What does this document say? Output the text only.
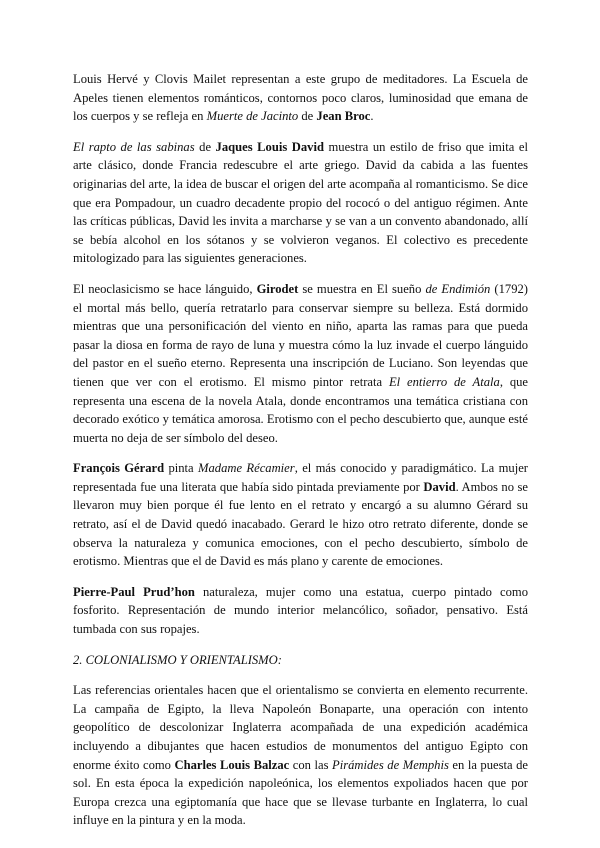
Louis Hervé y Clovis Mailet representan a este grupo de meditadores. La Escuela de Apeles tienen elementos románticos, contornos poco claros, luminosidad que emana de los cuerpos y se refleja en Muerte de Jacinto de Jean Broc.

El rapto de las sabinas de Jaques Louis David muestra un estilo de friso que imita el arte clásico, donde Francia redescubre el arte griego. David da cabida a las fuentes originarias del arte, la idea de buscar el origen del arte acompaña al romanticismo. Se dice que era Pompadour, un cuadro decadente propio del rococó o del antiguo régimen. Ante las críticas públicas, David les invita a marcharse y se van a un convento abandonado, allí se bebía alcohol en los sótanos y se volvieron veganos. El colectivo es precedente mitologizado para las siguientes generaciones.

El neoclasicismo se hace lánguido, Girodet se muestra en El sueño de Endimión (1792) el mortal más bello, quería retratarlo para conservar siempre su belleza. Está dormido mientras que una personificación del viento en niño, aparta las ramas para que pueda pasar la diosa en forma de rayo de luna y muestra cómo la luz invade el cuerpo lánguido del pastor en el sueño eterno. Representa una inscripción de Luciano. Son leyendas que tienen que ver con el erotismo. El mismo pintor retrata El entierro de Atala, que representa una escena de la novela Atala, donde encontramos una temática cristiana con decorado exótico y temática amorosa. Erotismo con el pecho descubierto que, aunque esté muerta no deja de ser símbolo del deseo.

François Gérard pinta Madame Récamier, el más conocido y paradigmático. La mujer representada fue una literata que había sido pintada previamente por David. Ambos no se llevaron muy bien porque él fue lento en el retrato y encargó a su alumno Gérard su retrato, así el de David quedó inacabado. Gerard le hizo otro retrato diferente, donde se observa la naturaleza y comunica emociones, con el pecho descubierto, símbolo de erotismo. Mientras que el de David es más plano y carente de emociones.

Pierre-Paul Prud’hon naturaleza, mujer como una estatua, cuerpo pintado como fosforito. Representación de mundo interior melancólico, soñador, pensativo. Está tumbada con sus ropajes.

2. COLONIALISMO Y ORIENTALISMO:

Las referencias orientales hacen que el orientalismo se convierta en elemento recurrente. La campaña de Egipto, la lleva Napoleón Bonaparte, una operación con intento geopolítico de descolonizar Inglaterra acompañada de una expedición académica incluyendo a dibujantes que hacen estudios de monumentos del antiguo Egipto con enorme éxito como Charles Louis Balzac con las Pirámides de Memphis en la puesta de sol. En esta época la expedición napoleónica, los elementos expoliados hacen que por Europa crezca una egiptomanía que hace que se llevase turbante en Inglaterra, lo cual influye en la pintura y en la moda.
